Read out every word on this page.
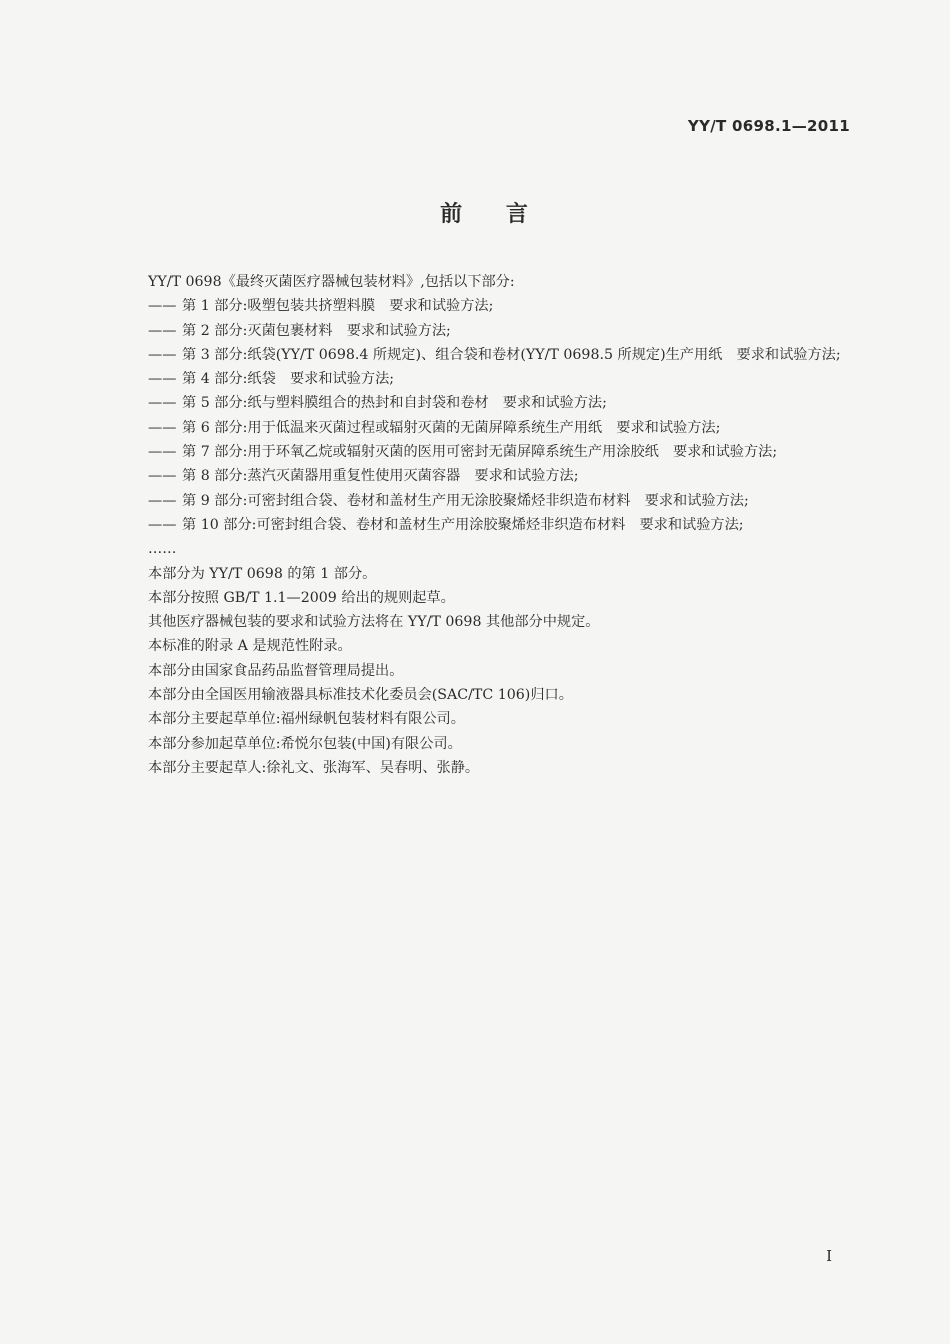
YY/T 0698.1—2011
前 言
YY/T 0698《最终灭菌医疗器械包装材料》,包括以下部分:
—— 第 1 部分:吸塑包装共挤塑料膜　要求和试验方法;
—— 第 2 部分:灭菌包裹材料　要求和试验方法;
—— 第 3 部分:纸袋(YY/T 0698.4 所规定)、组合袋和卷材(YY/T 0698.5 所规定)生产用纸　要求和试验方法;
—— 第 4 部分:纸袋　要求和试验方法;
—— 第 5 部分:纸与塑料膜组合的热封和自封袋和卷材　要求和试验方法;
—— 第 6 部分:用于低温来灭菌过程或辐射灭菌的无菌屏障系统生产用纸　要求和试验方法;
—— 第 7 部分:用于环氧乙烷或辐射灭菌的医用可密封无菌屏障系统生产用涂胶纸　要求和试验方法;
—— 第 8 部分:蒸汽灭菌器用重复性使用灭菌容器　要求和试验方法;
—— 第 9 部分:可密封组合袋、卷材和盖材生产用无涂胶聚烯烃非织造布材料　要求和试验方法;
—— 第 10 部分:可密封组合袋、卷材和盖材生产用涂胶聚烯烃非织造布材料　要求和试验方法;
……
本部分为 YY/T 0698 的第 1 部分。
本部分按照 GB/T 1.1—2009 给出的规则起草。
其他医疗器械包装的要求和试验方法将在 YY/T 0698 其他部分中规定。
本标准的附录 A 是规范性附录。
本部分由国家食品药品监督管理局提出。
本部分由全国医用输液器具标准技术化委员会(SAC/TC 106)归口。
本部分主要起草单位:福州绿帆包装材料有限公司。
本部分参加起草单位:希悦尔包装(中国)有限公司。
本部分主要起草人:徐礼文、张海军、吴春明、张静。
I
